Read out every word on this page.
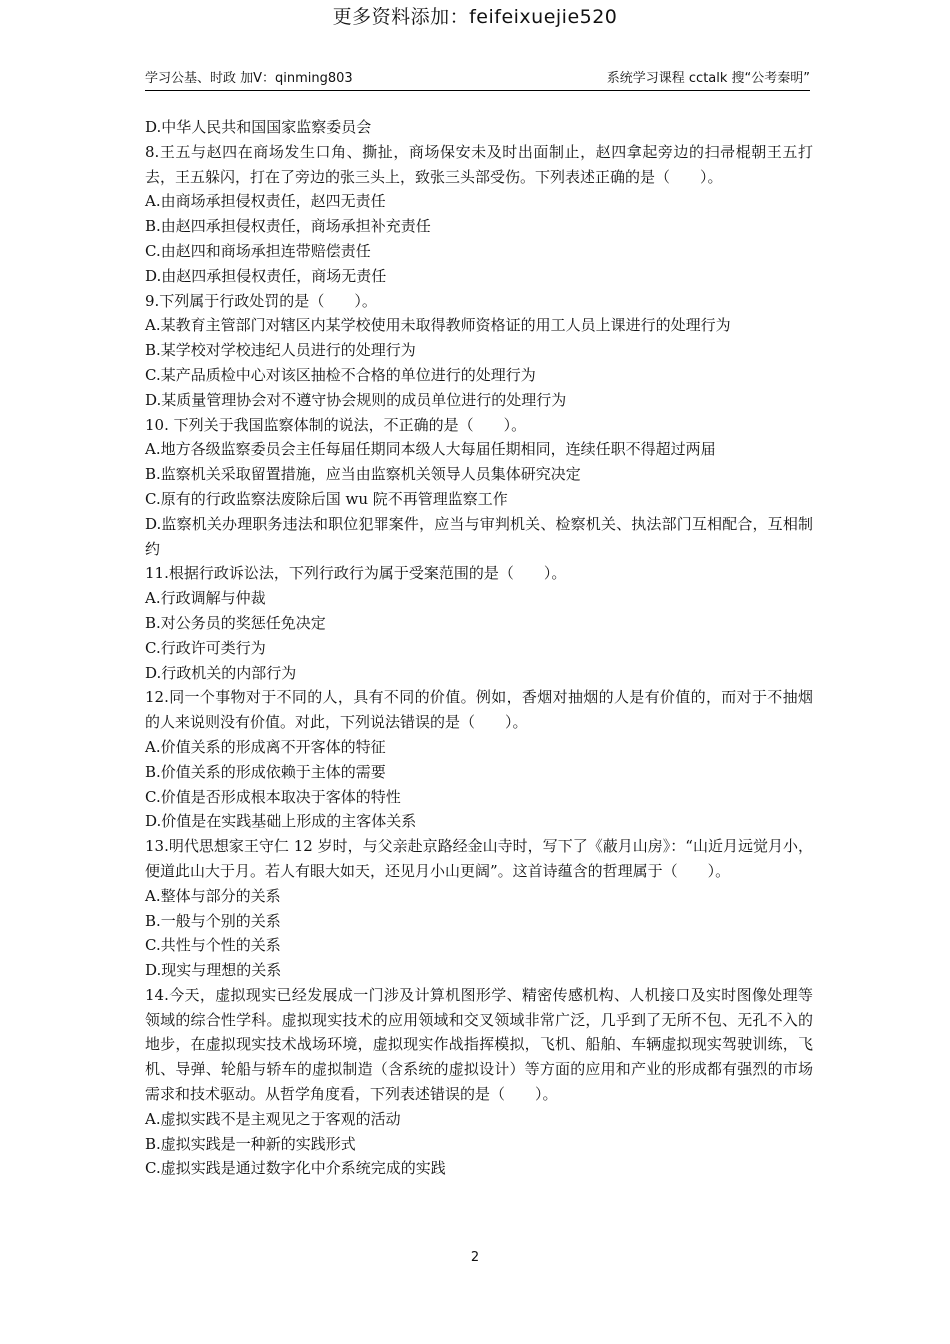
更多资料添加：feifeixuejie520
学习公基、时政 加V：qinming803	系统学习课程 cctalk 搜“公考秦明”
D.中华人民共和国国家监察委员会
8.王五与赵四在商场发生口角、撕扯，商场保安未及时出面制止，赵四拿起旁边的扫帚棍朝王五打去，王五躲闪，打在了旁边的张三头上，致张三头部受伤。下列表述正确的是（　　）。
A.由商场承担侵权责任，赵四无责任
B.由赵四承担侵权责任，商场承担补充责任
C.由赵四和商场承担连带赔偿责任
D.由赵四承担侵权责任，商场无责任
9.下列属于行政处罚的是（　　）。
A.某教育主管部门对辖区内某学校使用未取得教师资格证的用工人员上课进行的处理行为
B.某学校对学校违纪人员进行的处理行为
C.某产品质检中心对该区抽检不合格的单位进行的处理行为
D.某质量管理协会对不遵守协会规则的成员单位进行的处理行为
10. 下列关于我国监察体制的说法，不正确的是（　　）。
A.地方各级监察委员会主任每届任期同本级人大每届任期相同，连续任职不得超过两届
B.监察机关采取留置措施，应当由监察机关领导人员集体研究决定
C.原有的行政监察法废除后国 wu 院不再管理监察工作
D.监察机关办理职务违法和职位犯罪案件，应当与审判机关、检察机关、执法部门互相配合，互相制约
11.根据行政诉讼法，下列行政行为属于受案范围的是（　　）。
A.行政调解与仲裁
B.对公务员的奖惩任免决定
C.行政许可类行为
D.行政机关的内部行为
12.同一个事物对于不同的人，具有不同的价值。例如，香烟对抽烟的人是有价值的，而对于不抽烟的人来说则没有价值。对此，下列说法错误的是（　　）。
A.价值关系的形成离不开客体的特征
B.价值关系的形成依赖于主体的需要
C.价值是否形成根本取决于客体的特性
D.价值是在实践基础上形成的主客体关系
13.明代思想家王守仁 12 岁时，与父亲赴京路经金山寺时，写下了《蔽月山房》：“山近月远觉月小，便道此山大于月。若人有眼大如天，还见月小山更阔”。这首诗蕴含的哲理属于（　　）。
A.整体与部分的关系
B.一般与个别的关系
C.共性与个性的关系
D.现实与理想的关系
14.今天，虚拟现实已经发展成一门涉及计算机图形学、精密传感机构、人机接口及实时图像处理等领域的综合性学科。虚拟现实技术的应用领域和交叉领域非常广泛，几乎到了无所不包、无孔不入的地步，在虚拟现实技术战场环境，虚拟现实作战指挥模拟，飞机、船舶、车辆虚拟现实驾驶训练，飞机、导弹、轮船与轿车的虚拟制造（含系统的虚拟设计）等方面的应用和产业的形成都有强烈的市场需求和技术驱动。从哲学角度看，下列表述错误的是（　　）。
A.虚拟实践不是主观见之于客观的活动
B.虚拟实践是一种新的实践形式
C.虚拟实践是通过数字化中介系统完成的实践
2
